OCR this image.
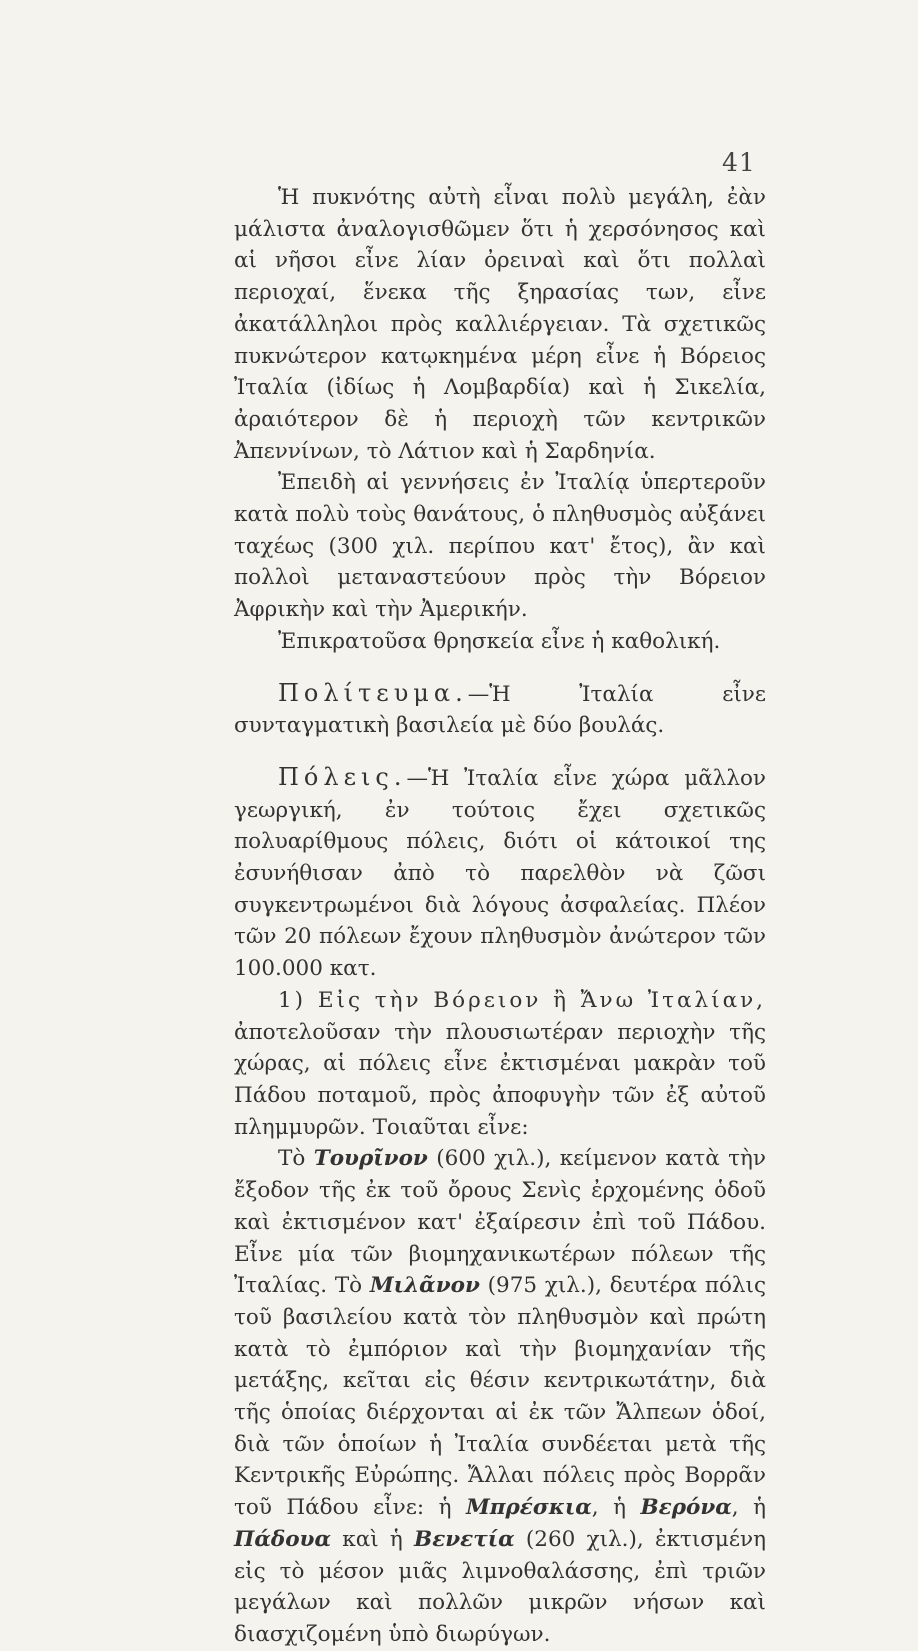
41

Ἡ πυκνότης αὐτὴ εἶναι πολὺ μεγάλη, ἐὰν μάλιστα ἀναλογισθῶμεν ὅτι ἡ χερσόνησος καὶ αἱ νῆσοι εἶνε λίαν ὀρειναὶ καὶ ὅτι πολλαὶ περιοχαί, ἕνεκα τῆς ξηρασίας των, εἶνε ἀκατάλληλοι πρὸς καλλιέργειαν. Τὰ σχετικῶς πυκνώτερον κατῳκημένα μέρη εἶνε ἡ Βόρειος Ἰταλία (ἰδίως ἡ Λομβαρδία) καὶ ἡ Σικελία, ἀραιότερον δὲ ἡ περιοχὴ τῶν κεντρικῶν Ἀπεννίνων, τὸ Λάτιον καὶ ἡ Σαρδηνία.

Ἐπειδὴ αἱ γεννήσεις ἐν Ἰταλίᾳ ὑπερτεροῦν κατὰ πολὺ τοὺς θανάτους, ὁ πληθυσμὸς αὐξάνει ταχέως (300 χιλ. περίπου κατ' ἔτος), ἂν καὶ πολλοὶ μεταναστεύουν πρὸς τὴν Βόρειον Ἀφρικὴν καὶ τὴν Ἀμερικήν.

Ἐπικρατοῦσα θρησκεία εἶνε ἡ καθολική.

Πολίτευμα.—Ἡ Ἰταλία εἶνε συνταγματικὴ βασιλεία μὲ δύο βουλάς.

Πόλεις.—Ἡ Ἰταλία εἶνε χώρα μᾶλλον γεωργική, ἐν τούτοις ἔχει σχετικῶς πολυαρίθμους πόλεις, διότι οἱ κάτοικοί της ἐσυνήθισαν ἀπὸ τὸ παρελθὸν νὰ ζῶσι συγκεντρωμένοι διὰ λόγους ἀσφαλείας. Πλέον τῶν 20 πόλεων ἔχουν πληθυσμὸν ἀνώτερον τῶν 100.000 κατ.

1) Εἰς τὴν Βόρειον ἢ Ἄνω Ἰταλίαν, ἀποτελοῦσαν τὴν πλουσιωτέραν περιοχὴν τῆς χώρας, αἱ πόλεις εἶνε ἐκτισμέναι μακρὰν τοῦ Πάδου ποταμοῦ, πρὸς ἀποφυγὴν τῶν ἐξ αὐτοῦ πλημμυρῶν. Τοιαῦται εἶνε:

Τὸ Τουρῖνον (600 χιλ.), κείμενον κατὰ τὴν ἔξοδον τῆς ἐκ τοῦ ὄρους Σενὶς ἐρχομένης ὁδοῦ καὶ ἐκτισμένον κατ' ἐξαίρεσιν ἐπὶ τοῦ Πάδου. Εἶνε μία τῶν βιομηχανικωτέρων πόλεων τῆς Ἰταλίας. Τὸ Μιλᾶνον (975 χιλ.), δευτέρα πόλις τοῦ βασιλείου κατὰ τὸν πληθυσμὸν καὶ πρώτη κατὰ τὸ ἐμπόριον καὶ τὴν βιομηχανίαν τῆς μετάξης, κεῖται εἰς θέσιν κεντρικωτάτην, διὰ τῆς ὁποίας διέρχονται αἱ ἐκ τῶν Ἄλπεων ὁδοί, διὰ τῶν ὁποίων ἡ Ἰταλία συνδέεται μετὰ τῆς Κεντρικῆς Εὐρώπης. Ἄλλαι πόλεις πρὸς Βορρᾶν τοῦ Πάδου εἶνε: ἡ Μπρέσκια, ἡ Βερόνα, ἡ Πάδουα καὶ ἡ Βενετία (260 χιλ.), ἐκτισμένη εἰς τὸ μέσον μιᾶς λιμνοθαλάσσης, ἐπὶ τριῶν μεγάλων καὶ πολλῶν μικρῶν νήσων καὶ διασχιζομένη ὑπὸ διωρύγων.
